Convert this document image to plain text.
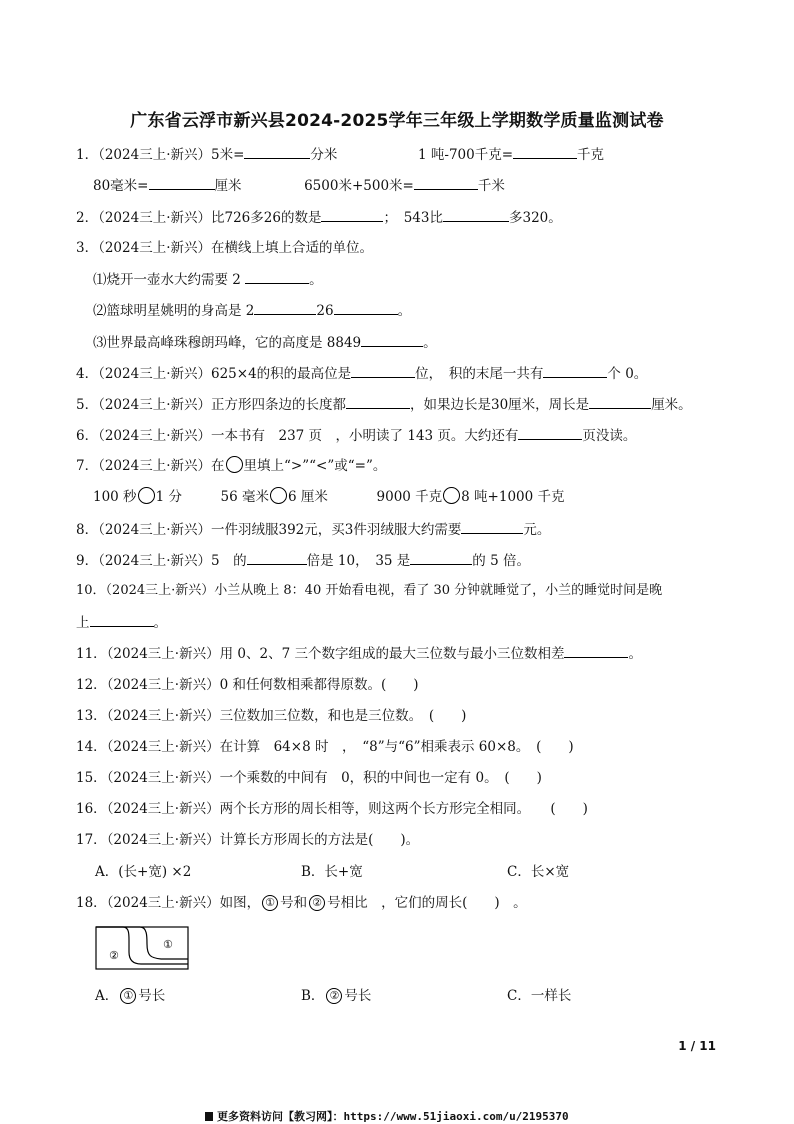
广东省云浮市新兴县2024-2025学年三年级上学期数学质量监测试卷
1．（2024三上·新兴）5米=	分米	1 吨-700千克=	千克
80毫米=	厘米	6500米+500米=	千米
2．（2024三上·新兴）比726多26的数是	；　543比	多320。
3．（2024三上·新兴）在横线上填上合适的单位。
⑴烧开一壶水大约需要 2	。
⑵篮球明星姚明的身高是 2	26	。
⑶世界最高峰珠穆朗玛峰，它的高度是 8849	。
4．（2024三上·新兴）625×4的积的最高位是	位，　积的末尾一共有	个 0。
5．（2024三上·新兴）正方形四条边的长度都	，如果边长是30厘米，周长是	厘米。
6．（2024三上·新兴）一本书有　237 页　，小明读了 143 页。大约还有	页没读。
7．（2024三上·新兴）在 里填上“>”“<”或“=”。
100 秒 1 分	56 毫米 6 厘米	9000 千克 8 吨+1000 千克
8．（2024三上·新兴）一件羽绒服392元，买3件羽绒服大约需要	元。
9．（2024三上·新兴）5　的	倍是 10，　35 是	的 5 倍。
10．（2024三上·新兴）小兰从晚上 8：40 开始看电视，看了 30 分钟就睡觉了，小兰的睡觉时间是晚
上	。
11．（2024三上·新兴）用 0、2、7 三个数字组成的最大三位数与最小三位数相差	。
12．（2024三上·新兴）0 和任何数相乘都得原数。(　　)
13．（2024三上·新兴）三位数加三位数，和也是三位数。　(　　)
14．（2024三上·新兴）在计算　64×8 时　，　“8”与“6”相乘表示 60×8。　(　　)
15．（2024三上·新兴）一个乘数的中间有　0，积的中间也一定有 0。　(　　)
16．（2024三上·新兴）两个长方形的周长相等，则这两个长方形完全相同。　　(　　)
17．（2024三上·新兴）计算长方形周长的方法是(　　)。
A．(长+宽) ×2	B．长+宽	C．长×宽
18．（2024三上·新兴）如图， ① 号和 ② 号相比　，它们的周长(　　)　。
②
①
A． ① 号长	B． ② 号长	C．一样长
1 / 11
更多资料访问【教习网】：https://www.51jiaoxi.com/u/2195370
